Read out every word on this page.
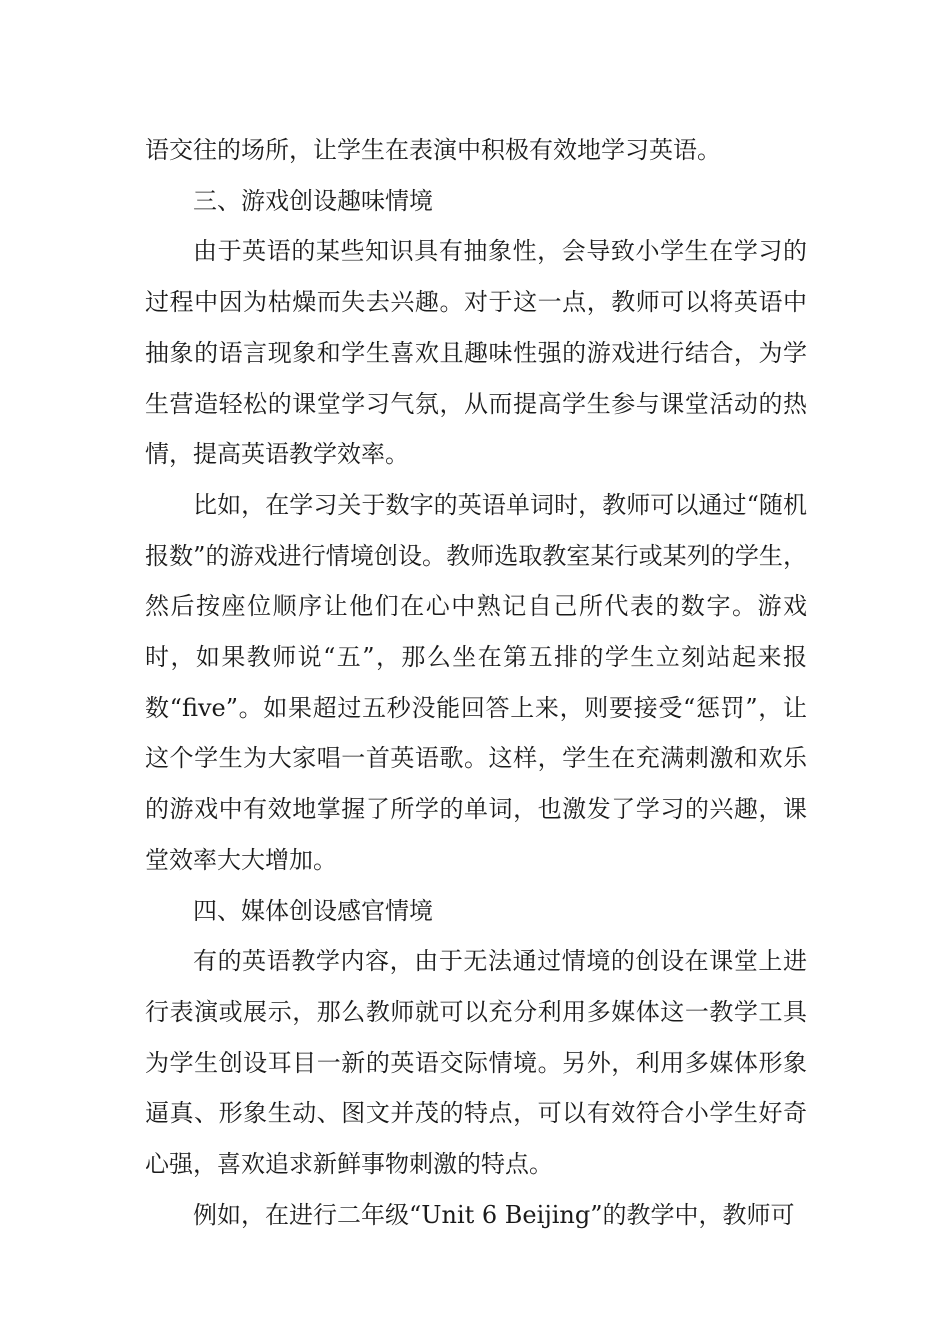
语交往的场所，让学生在表演中积极有效地学习英语。

三、游戏创设趣味情境

由于英语的某些知识具有抽象性，会导致小学生在学习的过程中因为枯燥而失去兴趣。对于这一点，教师可以将英语中抽象的语言现象和学生喜欢且趣味性强的游戏进行结合，为学生营造轻松的课堂学习气氛，从而提高学生参与课堂活动的热情，提高英语教学效率。

比如，在学习关于数字的英语单词时，教师可以通过“随机报数”的游戏进行情境创设。教师选取教室某行或某列的学生，然后按座位顺序让他们在心中熟记自己所代表的数字。游戏时，如果教师说“五”，那么坐在第五排的学生立刻站起来报数“five”。如果超过五秒没能回答上来，则要接受“惩罚”，让这个学生为大家唱一首英语歌。这样，学生在充满刺激和欢乐的游戏中有效地掌握了所学的单词，也激发了学习的兴趣，课堂效率大大增加。

四、媒体创设感官情境

有的英语教学内容，由于无法通过情境的创设在课堂上进行表演或展示，那么教师就可以充分利用多媒体这一教学工具为学生创设耳目一新的英语交际情境。另外，利用多媒体形象逼真、形象生动、图文并茂的特点，可以有效符合小学生好奇心强，喜欢追求新鲜事物刺激的特点。

例如，在进行二年级“Unit 6 Beijing”的教学中，教师可
